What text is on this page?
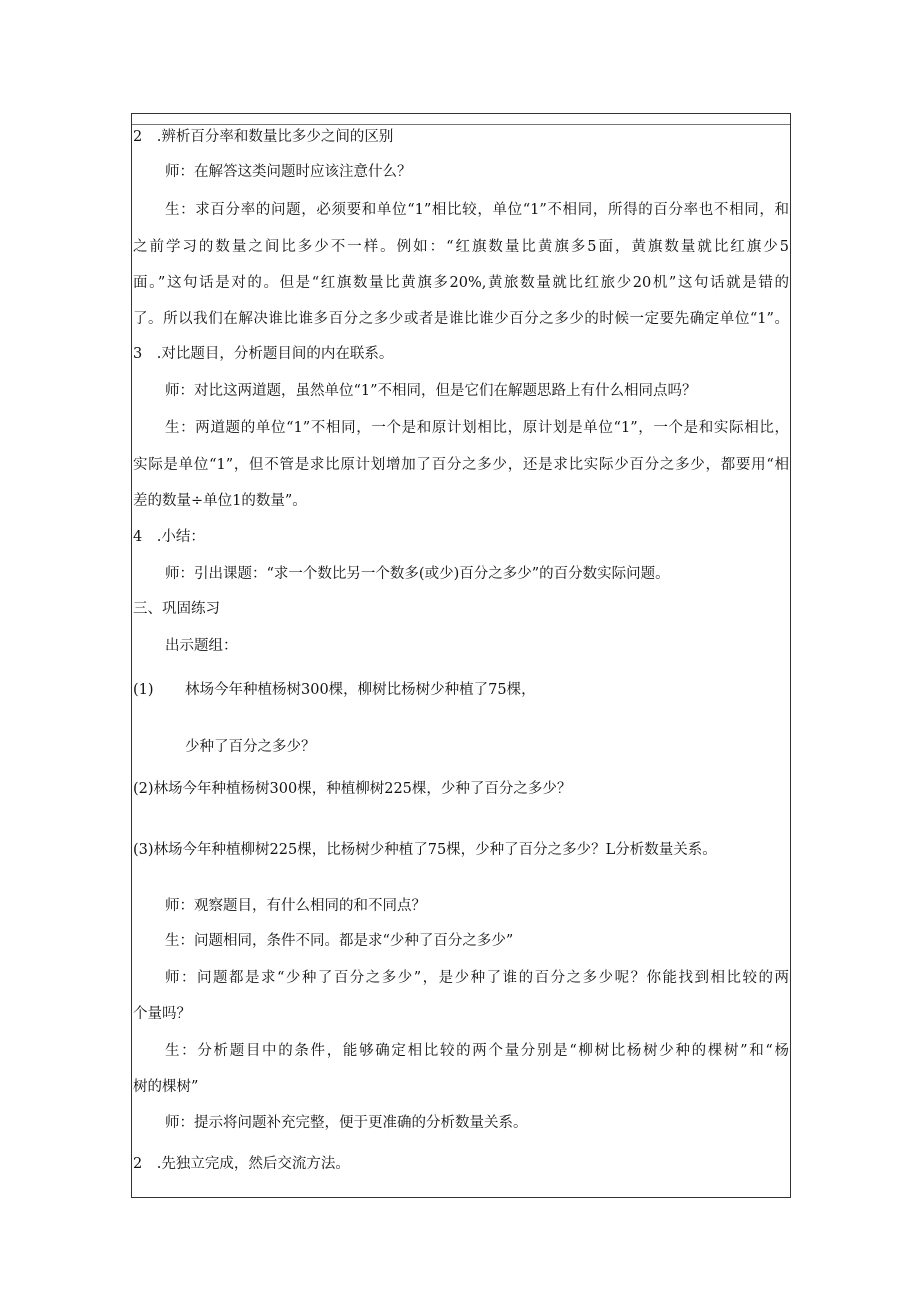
2　.辨析百分率和数量比多少之间的区别
师：在解答这类问题时应该注意什么？
生：求百分率的问题，必须要和单位“1”相比较，单位“1”不相同，所得的百分率也不相同，和
之前学习的数量之间比多少不一样。例如：“红旗数量比黄旗多5面，黄旗数量就比红旗少5
面。”这句话是对的。但是“红旗数量比黄旗多20%,黄旅数量就比红旅少20机”这句话就是错的
了。所以我们在解决谁比谁多百分之多少或者是谁比谁少百分之多少的时候一定要先确定单位“1”。
3　.对比题目，分析题目间的内在联系。
师：对比这两道题，虽然单位“1”不相同，但是它们在解题思路上有什么相同点吗？
生：两道题的单位“1”不相同，一个是和原计划相比，原计划是单位“1”，一个是和实际相比，
实际是单位“1”，但不管是求比原计划增加了百分之多少，还是求比实际少百分之多少，都要用“相
差的数量÷单位1的数量”。
4　.小结：
师：引出课题：“求一个数比另一个数多(或少)百分之多少”的百分数实际问题。
三、巩固练习
出示题组：
(1) 林场今年种植杨树300棵，柳树比杨树少种植了75棵，
少种了百分之多少？
(2)林场今年种植杨树300棵，种植柳树225棵，少种了百分之多少？
(3)林场今年种植柳树225棵，比杨树少种植了75棵，少种了百分之多少？L分析数量关系。
师：观察题目，有什么相同的和不同点？
生：问题相同，条件不同。都是求“少种了百分之多少”
师：问题都是求“少种了百分之多少”，是少种了谁的百分之多少呢？你能找到相比较的两
个量吗？
生：分析题目中的条件，能够确定相比较的两个量分别是“柳树比杨树少种的棵树”和“杨
树的棵树”
师：提示将问题补充完整，便于更准确的分析数量关系。
2　.先独立完成，然后交流方法。
